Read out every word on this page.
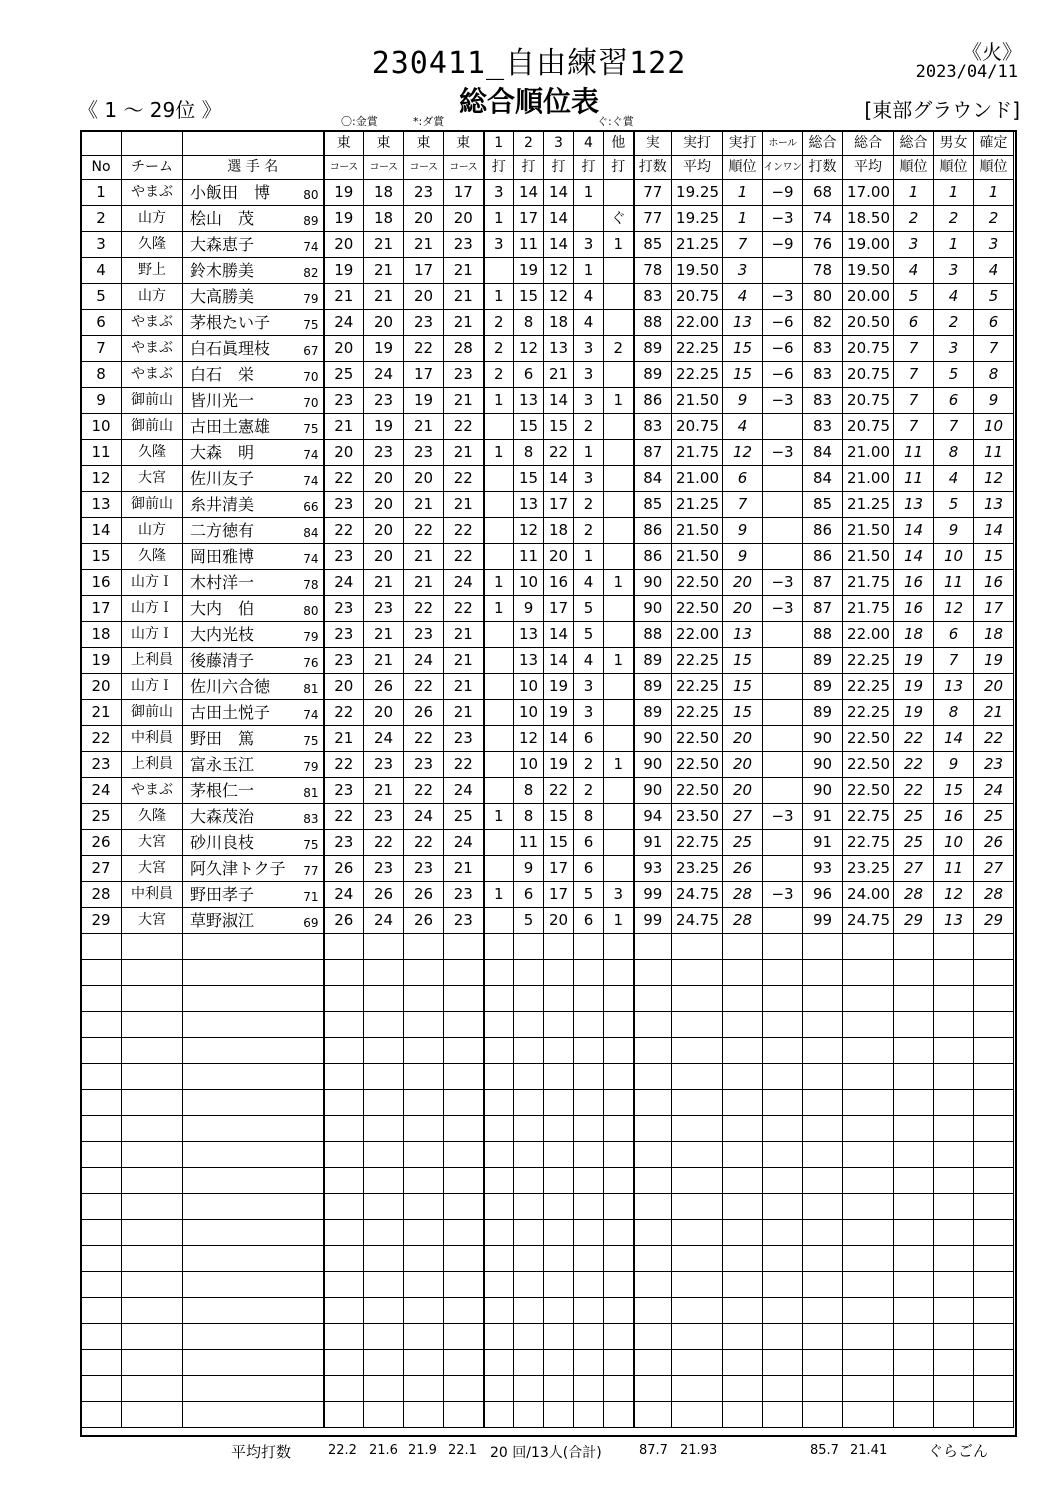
230411_自由練習122
総合順位表
《火》
2023/04/11
《 1 ～ 29位 》	[東部グラウンド]
〇:金賞	*:ダ賞	ぐ:ぐ賞
			東	東	東	東	1	2	3	4	他	実	実打	実打	ホール	総合	総合	総合	男女	確定
No	チーム	選 手 名	コース	コース	コース	コース	打	打	打	打	打	打数	平均	順位	インワン	打数	平均	順位	順位	順位
1	やまぶ	小飯田　博 80	19	18	23	17	3	14	14	1		77	19.25	1	−9	68	17.00	1	1	1
2	山方	桧山　茂 89	19	18	20	20	1	17	14		ぐ	77	19.25	1	−3	74	18.50	2	2	2
3	久隆	大森恵子 74	20	21	21	23	3	11	14	3	1	85	21.25	7	−9	76	19.00	3	1	3
4	野上	鈴木勝美 82	19	21	17	21		19	12	1		78	19.50	3		78	19.50	4	3	4
5	山方	大高勝美 79	21	21	20	21	1	15	12	4		83	20.75	4	−3	80	20.00	5	4	5
6	やまぶ	茅根たい子 75	24	20	23	21	2	8	18	4		88	22.00	13	−6	82	20.50	6	2	6
7	やまぶ	白石眞理枝 67	20	19	22	28	2	12	13	3	2	89	22.25	15	−6	83	20.75	7	3	7
8	やまぶ	白石　栄 70	25	24	17	23	2	6	21	3		89	22.25	15	−6	83	20.75	7	5	8
9	御前山	皆川光一 70	23	23	19	21	1	13	14	3	1	86	21.50	9	−3	83	20.75	7	6	9
10	御前山	古田土憲雄 75	21	19	21	22		15	15	2		83	20.75	4		83	20.75	7	7	10
11	久隆	大森　明 74	20	23	23	21	1	8	22	1		87	21.75	12	−3	84	21.00	11	8	11
12	大宮	佐川友子 74	22	20	20	22		15	14	3		84	21.00	6		84	21.00	11	4	12
13	御前山	糸井清美 66	23	20	21	21		13	17	2		85	21.25	7		85	21.25	13	5	13
14	山方	二方徳有 84	22	20	22	22		12	18	2		86	21.50	9		86	21.50	14	9	14
15	久隆	岡田雅博 74	23	20	21	22		11	20	1		86	21.50	9		86	21.50	14	10	15
16	山方Ｉ	木村洋一 78	24	21	21	24	1	10	16	4	1	90	22.50	20	−3	87	21.75	16	11	16
17	山方Ｉ	大内　伯 80	23	23	22	22	1	9	17	5		90	22.50	20	−3	87	21.75	16	12	17
18	山方Ｉ	大内光枝 79	23	21	23	21		13	14	5		88	22.00	13		88	22.00	18	6	18
19	上利員	後藤清子 76	23	21	24	21		13	14	4	1	89	22.25	15		89	22.25	19	7	19
20	山方Ｉ	佐川六合徳 81	20	26	22	21		10	19	3		89	22.25	15		89	22.25	19	13	20
21	御前山	古田土悦子 74	22	20	26	21		10	19	3		89	22.25	15		89	22.25	19	8	21
22	中利員	野田　篤 75	21	24	22	23		12	14	6		90	22.50	20		90	22.50	22	14	22
23	上利員	富永玉江 79	22	23	23	22		10	19	2	1	90	22.50	20		90	22.50	22	9	23
24	やまぶ	茅根仁一 81	23	21	22	24		8	22	2		90	22.50	20		90	22.50	22	15	24
25	久隆	大森茂治 83	22	23	24	25	1	8	15	8		94	23.50	27	−3	91	22.75	25	16	25
26	大宮	砂川良枝 75	23	22	22	24		11	15	6		91	22.75	25		91	22.75	25	10	26
27	大宮	阿久津トク子 77	26	23	23	21		9	17	6		93	23.25	26		93	23.25	27	11	27
28	中利員	野田孝子 71	24	26	26	23	1	6	17	5	3	99	24.75	28	−3	96	24.00	28	12	28
29	大宮	草野淑江 69	26	24	26	23		5	20	6	1	99	24.75	28		99	24.75	29	13	29

平均打数	22.2 21.6 21.9 22.1 20 回/13人(合計)	87.7 21.93	85.7 21.41	ぐらごん
